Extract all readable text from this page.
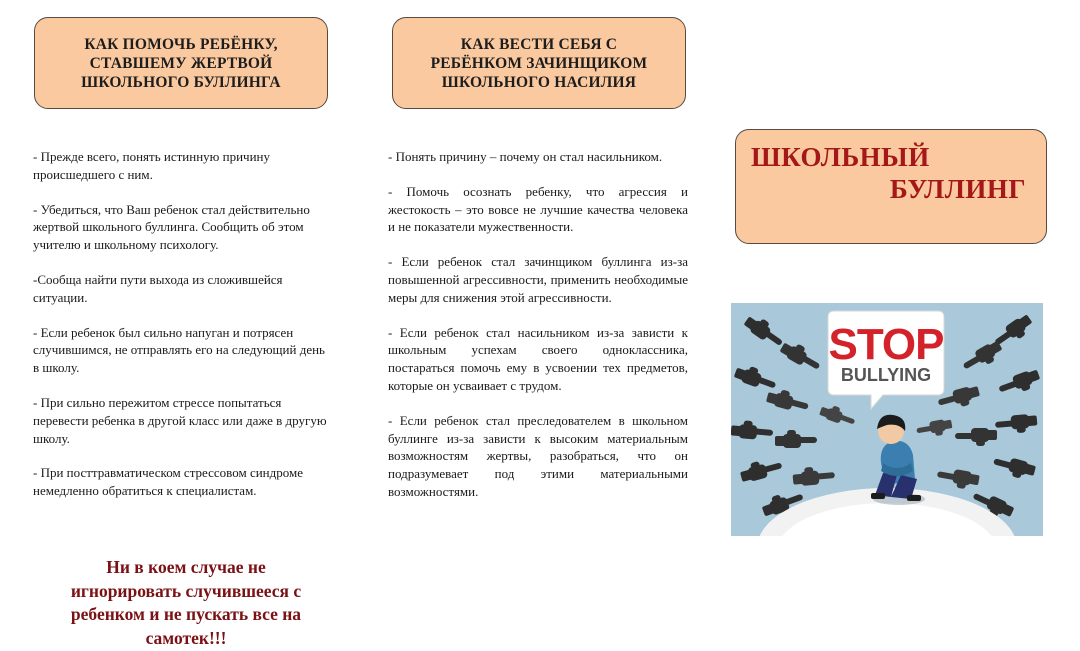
КАК ПОМОЧЬ РЕБЁНКУ,
СТАВШЕМУ ЖЕРТВОЙ
ШКОЛЬНОГО БУЛЛИНГА

- Прежде всего, понять истинную причину происшедшего с ним.

- Убедиться, что Ваш ребенок стал действительно жертвой школьного буллинга. Сообщить об этом учителю и школьному психологу.

-Сообща найти пути выхода из сложившейся ситуации.

- Если ребенок был сильно напуган и потрясен случившимся, не отправлять его на следующий день в школу.

- При сильно пережитом стрессе попытаться перевести ребенка в другой класс или даже в другую школу.

- При посттравматическом стрессовом синдроме немедленно обратиться к специалистам.

Ни в коем случае не
игнорировать случившееся с
ребенком и не пускать все на
самотек!!!
КАК ВЕСТИ СЕБЯ С
РЕБЁНКОМ ЗАЧИНЩИКОМ
ШКОЛЬНОГО НАСИЛИЯ

- Понять причину – почему он стал насильником.

- Помочь осознать ребенку, что агрессия и жестокость – это вовсе не лучшие качества человека и не показатели мужественности.

- Если ребенок стал зачинщиком буллинга из-за повышенной агрессивности, применить необходимые меры для снижения этой агрессивности.

- Если ребенок стал насильником из-за зависти к школьным успехам своего одноклассника, постараться помочь ему в усвоении тех предметов, которые он усваивает с трудом.

- Если ребенок стал преследователем в школьном буллинге из-за зависти к высоким материальным возможностям жертвы, разобраться, что он подразумевает под этими материальными возможностями.

ШКОЛЬНЫЙ
БУЛЛИНГ
STOP
BULLYING
